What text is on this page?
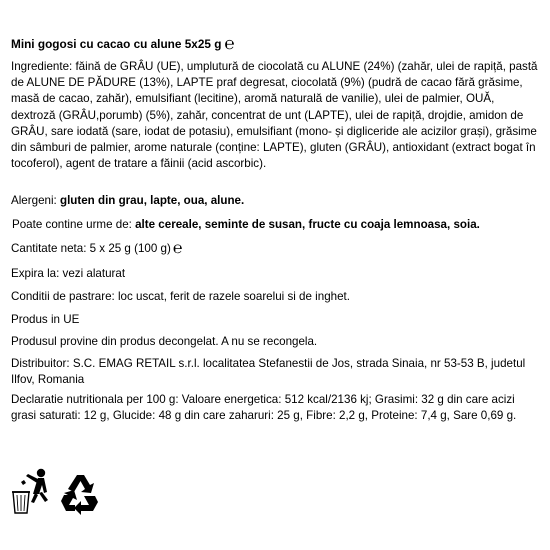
Mini gogosi cu cacao cu alune 5x25 g ℮
Ingrediente: făină de GRÂU (UE), umplutură de ciocolată cu ALUNE (24%) (zahăr, ulei de rapiță, pastă de ALUNE DE PĂDURE (13%), LAPTE praf degresat, ciocolată (9%) (pudră de cacao fără grăsime, masă de cacao, zahăr), emulsifiant (lecitine), aromă naturală de vanilie), ulei de palmier, OUĂ, dextroză (GRÂU,porumb) (5%), zahăr, concentrat de unt (LAPTE), ulei de rapiță, drojdie, amidon de GRÂU, sare iodată (sare, iodat de potasiu), emulsifiant (mono- și digliceride ale acizilor grași), grăsime din sâmburi de palmier, arome naturale (conține: LAPTE), gluten (GRÂU), antioxidant (extract bogat în tocoferol), agent de tratare a făinii (acid ascorbic).
Alergeni: gluten din grau, lapte, oua, alune.
Poate contine urme de: alte cereale, seminte de susan, fructe cu coaja lemnoasa, soia.
Cantitate neta: 5 x 25 g (100 g) ℮
Expira la: vezi alaturat
Conditii de pastrare: loc uscat, ferit de razele soarelui si de inghet.
Produs in UE
Produsul provine din produs decongelat. A nu se recongela.
Distribuitor: S.C. EMAG RETAIL s.r.l. localitatea Stefanestii de Jos, strada Sinaia, nr 53-53 B, judetul Ilfov, Romania
Declaratie nutritionala per 100 g: Valoare energetica: 512 kcal/2136 kj; Grasimi: 32 g din care acizi grasi saturati: 12 g, Glucide: 48 g din care zaharuri: 25 g, Fibre: 2,2 g, Proteine: 7,4 g, Sare 0,69 g.
